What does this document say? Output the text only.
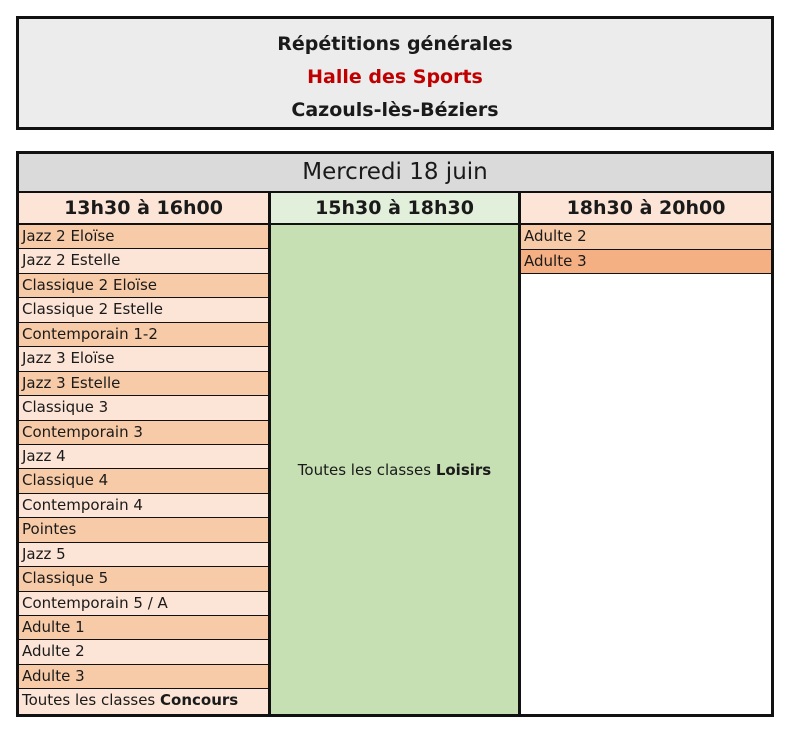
Répétitions générales
Halle des Sports
Cazouls-lès-Béziers
Mercredi 18 juin
13h30 à 16h00	15h30 à 18h30	18h30 à 20h00
Jazz 2 Eloïse
Jazz 2 Estelle
Classique 2 Eloïse
Classique 2 Estelle
Contemporain 1-2
Jazz 3 Eloïse
Jazz 3 Estelle
Classique 3
Contemporain 3
Jazz 4
Classique 4
Contemporain 4
Pointes
Jazz 5
Classique 5
Contemporain 5 / A
Adulte 1
Adulte 2
Adulte 3
Toutes les classes Concours
Toutes les classes Loisirs
Adulte 2
Adulte 3
